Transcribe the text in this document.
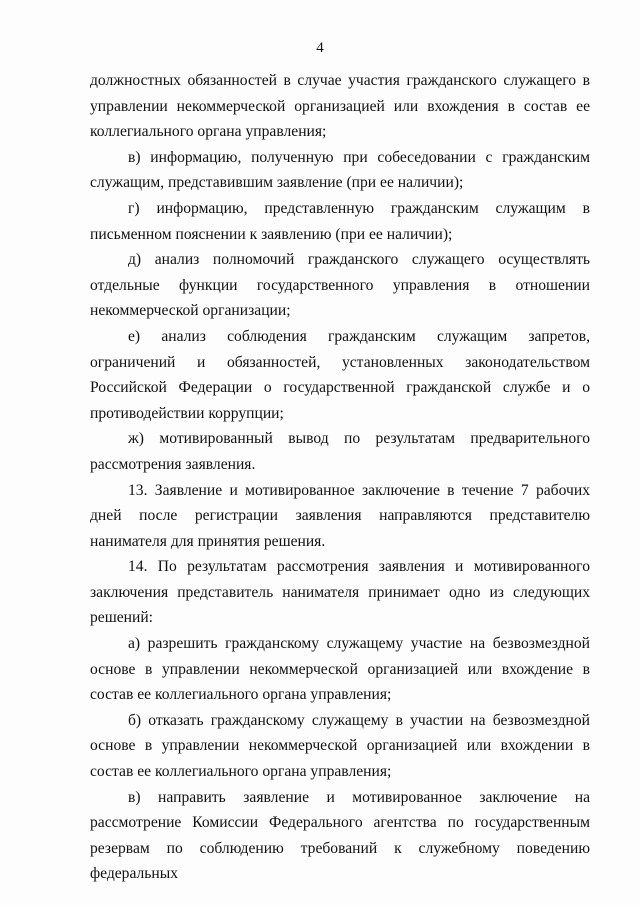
4

должностных обязанностей в случае участия гражданского служащего в управлении некоммерческой организацией или вхождения в состав ее коллегиального органа управления;

в) информацию, полученную при собеседовании с гражданским служащим, представившим заявление (при ее наличии);

г) информацию, представленную гражданским служащим в письменном пояснении к заявлению (при ее наличии);

д) анализ полномочий гражданского служащего осуществлять отдельные функции государственного управления в отношении некоммерческой организации;

е) анализ соблюдения гражданским служащим запретов, ограничений и обязанностей, установленных законодательством Российской Федерации о государственной гражданской службе и о противодействии коррупции;

ж) мотивированный вывод по результатам предварительного рассмотрения заявления.

13. Заявление и мотивированное заключение в течение 7 рабочих дней после регистрации заявления направляются представителю нанимателя для принятия решения.

14. По результатам рассмотрения заявления и мотивированного заключения представитель нанимателя принимает одно из следующих решений:

а) разрешить гражданскому служащему участие на безвозмездной основе в управлении некоммерческой организацией или вхождение в состав ее коллегиального органа управления;

б) отказать гражданскому служащему в участии на безвозмездной основе в управлении некоммерческой организацией или вхождении в состав ее коллегиального органа управления;

в) направить заявление и мотивированное заключение на рассмотрение Комиссии Федерального агентства по государственным резервам по соблюдению требований к служебному поведению федеральных
